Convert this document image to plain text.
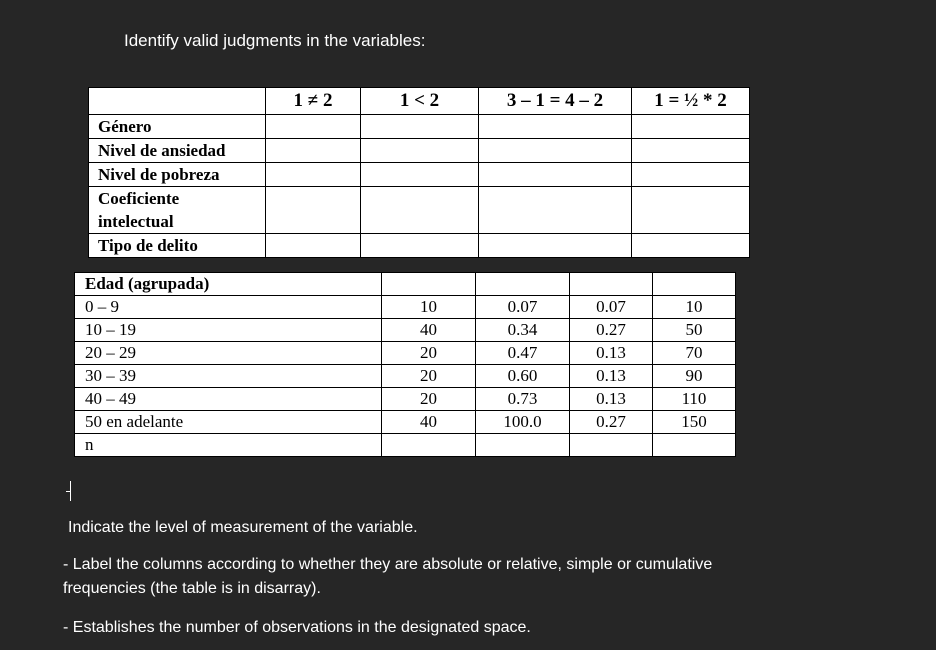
Identify valid judgments in the variables:
	1 ≠ 2	1 < 2	3 – 1 = 4 – 2	1 = ½ * 2
Género				
Nivel de ansiedad				
Nivel de pobreza				
Coeficiente intelectual				
Tipo de delito				
Edad (agrupada)				
0 – 9	10	0.07	0.07	10
10 – 19	40	0.34	0.27	50
20 – 29	20	0.47	0.13	70
30 – 39	20	0.60	0.13	90
40 – 49	20	0.73	0.13	110
50 en adelante	40	100.0	0.27	150
n				
Indicate the level of measurement of the variable.
- Label the columns according to whether they are absolute or relative, simple or cumulative
frequencies (the table is in disarray).
- Establishes the number of observations in the designated space.
